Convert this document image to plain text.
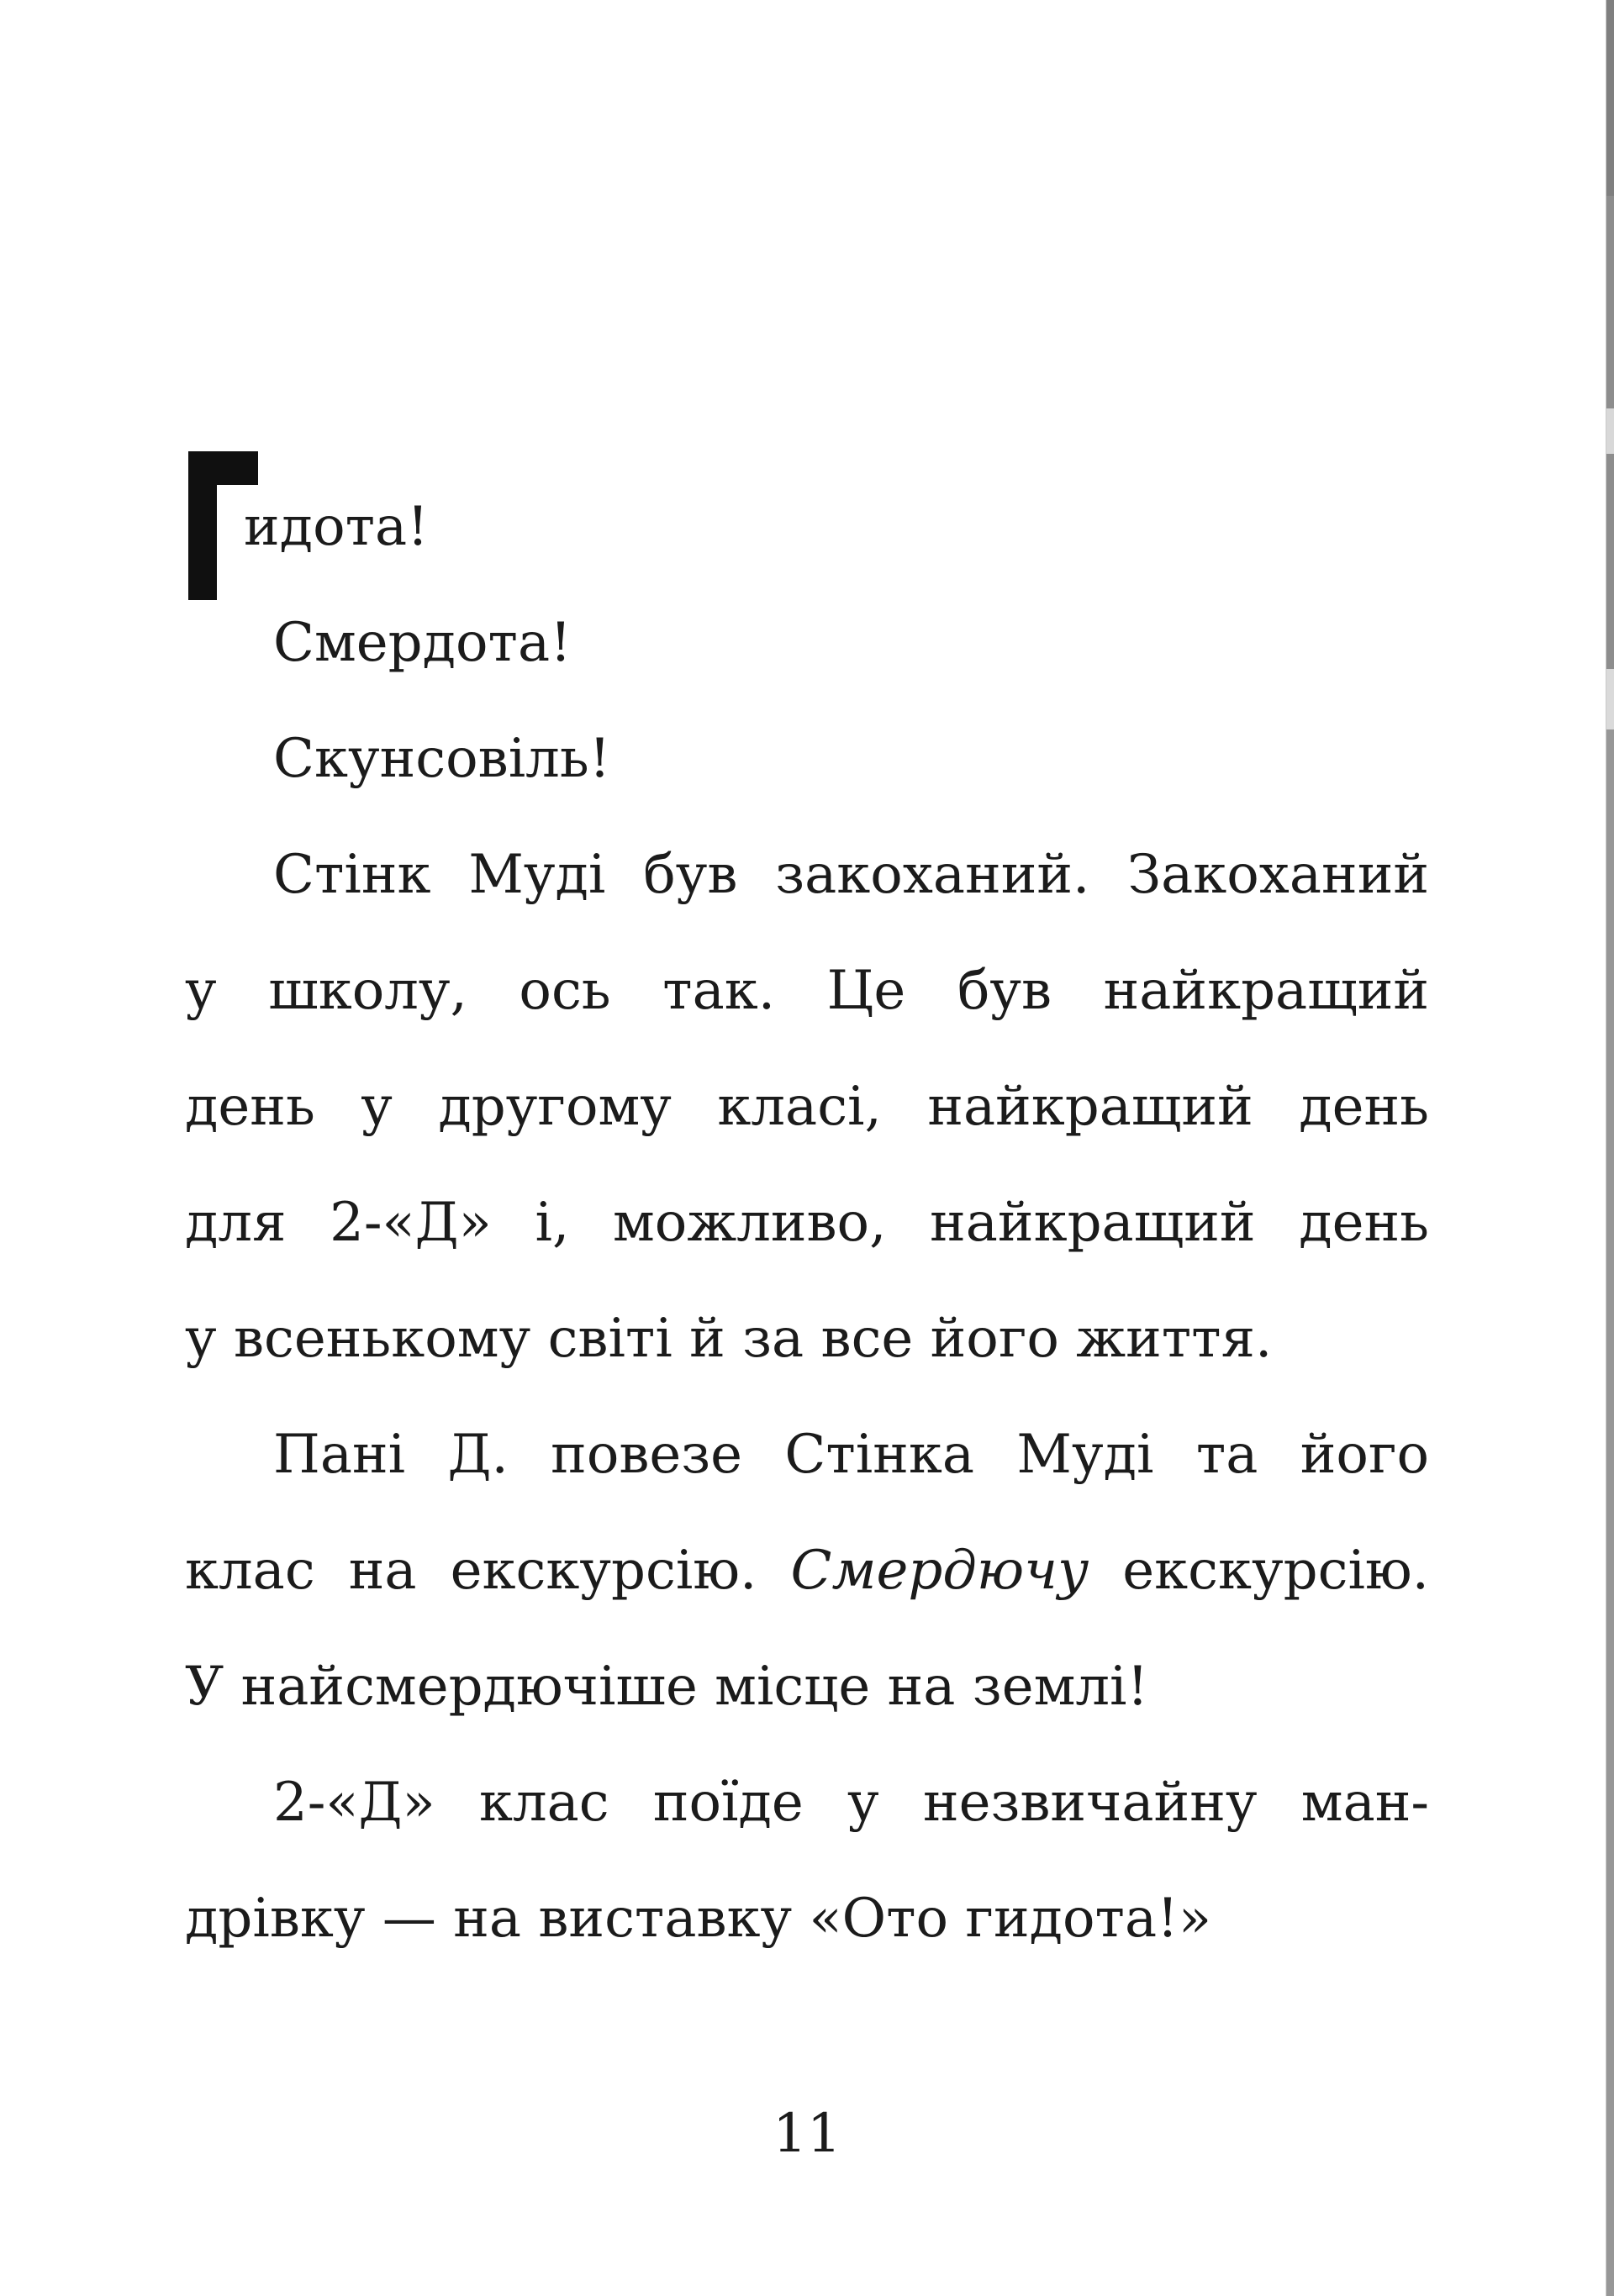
идота!
Смердота!
Скунсовіль!
Стінк Муді був закоханий. Закоханий
у школу, ось так. Це був найкращий
день у другому класі, найкращий день
для 2-«Д» і, можливо, найкращий день
у всенькому світі й за все його життя.
Пані Д. повезе Стінка Муді та його
клас на екскурсію. Смердючу екскурсію.
У найсмердючіше місце на землі!
2-«Д» клас поїде у незвичайну ман-
дрівку — на виставку «Ото гидота!»
11
